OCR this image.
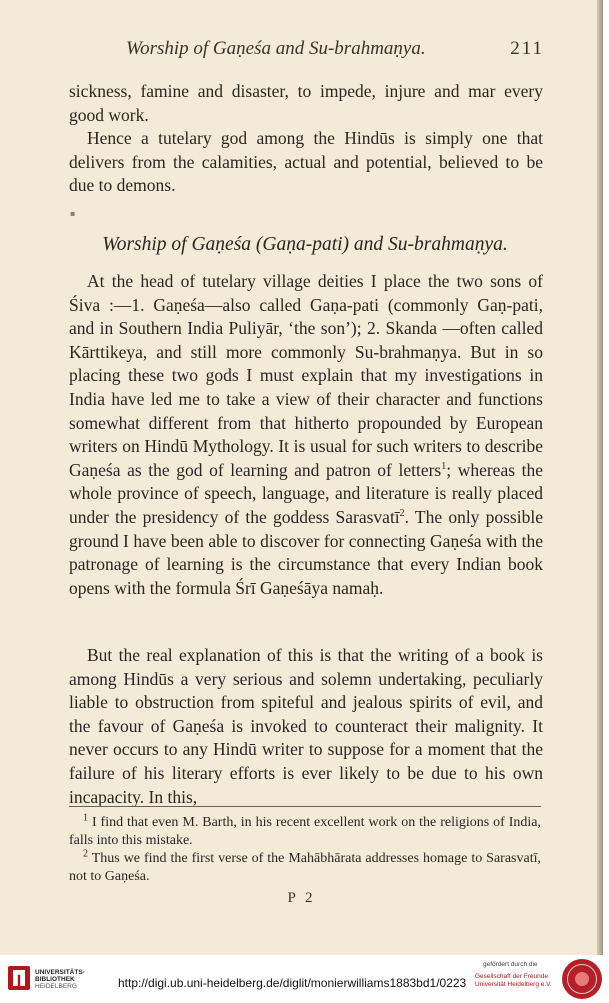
Worship of Gaṇeśa and Su-brahmaṇya.	211

sickness, famine and disaster, to impede, injure and mar every good work.

Hence a tutelary god among the Hindūs is simply one that delivers from the calamities, actual and potential, believed to be due to demons.

▪
Worship of Gaṇeśa (Gaṇa-pati) and Su-brahmaṇya.

At the head of tutelary village deities I place the two sons of Śiva :—1. Gaṇeśa—also called Gaṇa-pati (commonly Gaṇ-pati, and in Southern India Puliyār, ‘the son’); 2. Skanda —often called Kārttikeya, and still more commonly Su-brahmaṇya. But in so placing these two gods I must explain that my investigations in India have led me to take a view of their character and functions somewhat different from that hitherto propounded by European writers on Hindū Mythology. It is usual for such writers to describe Gaṇeśa as the god of learning and patron of letters$^1$; whereas the whole province of speech, language, and literature is really placed under the presidency of the goddess Sarasvatī$^2$. The only possible ground I have been able to discover for connecting Gaṇeśa with the patronage of learning is the circumstance that every Indian book opens with the formula Śrī Gaṇeśāya namaḥ.

But the real explanation of this is that the writing of a book is among Hindūs a very serious and solemn undertaking, peculiarly liable to obstruction from spiteful and jealous spirits of evil, and the favour of Gaṇeśa is invoked to counteract their malignity. It never occurs to any Hindū writer to suppose for a moment that the failure of his literary efforts is ever likely to be due to his own incapacity. In this,

$^1$ I find that even M. Barth, in his recent excellent work on the religions of India, falls into this mistake.

$^2$ Thus we find the first verse of the Mahābhārata addresses homage to Sarasvatī, not to Gaṇeśa.

P 2
UNIVERSITÄTS-
BIBLIOTHEK
HEIDELBERG	http://digi.ub.uni-heidelberg.de/diglit/monierwilliams1883bd1/0223
gefördert durch die
Gesellschaft der Freunde
Universität Heidelberg e.V.
